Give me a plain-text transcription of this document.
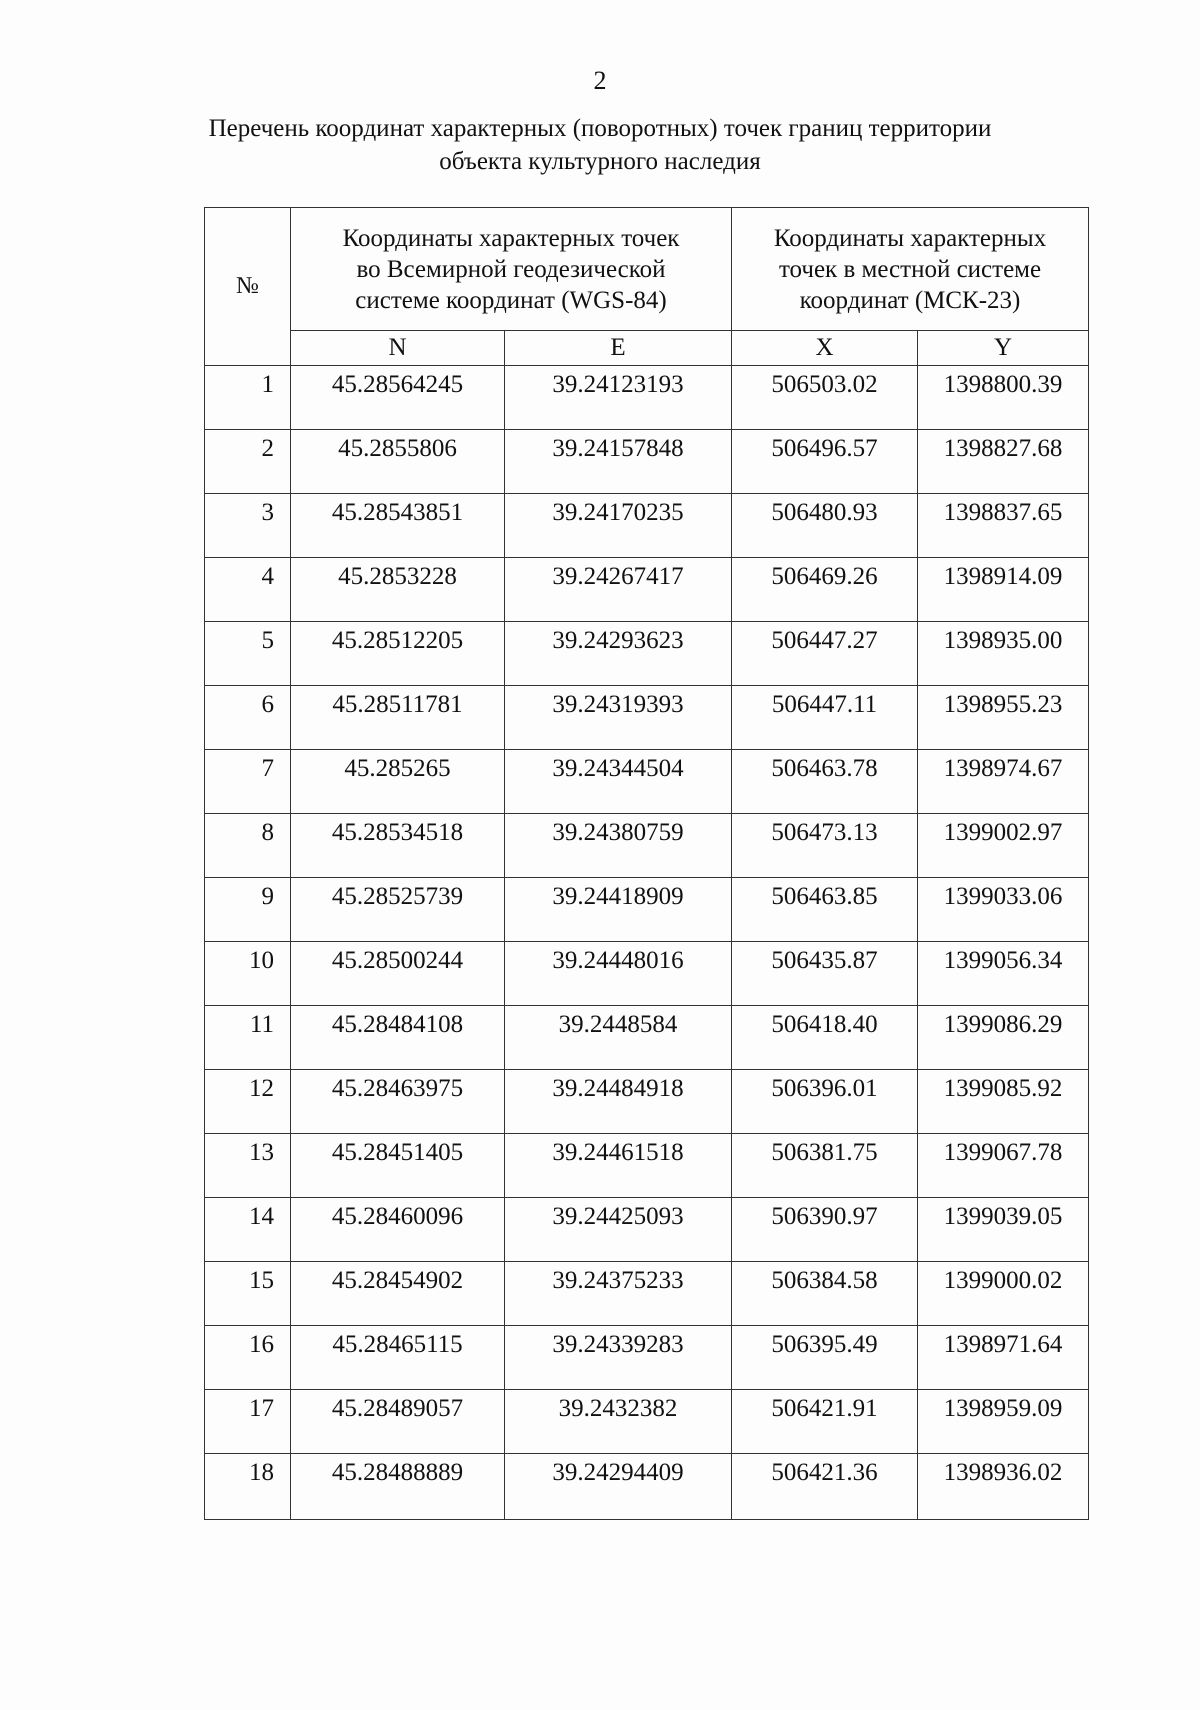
2
Перечень координат характерных (поворотных) точек границ территории
объекта культурного наследия
№	Координаты характерных точек
во Всемирной геодезической
системе координат (WGS-84)		Координаты характерных
точек в местной системе
координат (МСК-23)	

	N	E	X	Y
1	45.28564245	39.24123193	506503.02	1398800.39
2	45.2855806	39.24157848	506496.57	1398827.68
3	45.28543851	39.24170235	506480.93	1398837.65
4	45.2853228	39.24267417	506469.26	1398914.09
5	45.28512205	39.24293623	506447.27	1398935.00
6	45.28511781	39.24319393	506447.11	1398955.23
7	45.285265	39.24344504	506463.78	1398974.67
8	45.28534518	39.24380759	506473.13	1399002.97
9	45.28525739	39.24418909	506463.85	1399033.06
10	45.28500244	39.24448016	506435.87	1399056.34
11	45.28484108	39.2448584	506418.40	1399086.29
12	45.28463975	39.24484918	506396.01	1399085.92
13	45.28451405	39.24461518	506381.75	1399067.78
14	45.28460096	39.24425093	506390.97	1399039.05
15	45.28454902	39.24375233	506384.58	1399000.02
16	45.28465115	39.24339283	506395.49	1398971.64
17	45.28489057	39.2432382	506421.91	1398959.09
18	45.28488889	39.24294409	506421.36	1398936.02
